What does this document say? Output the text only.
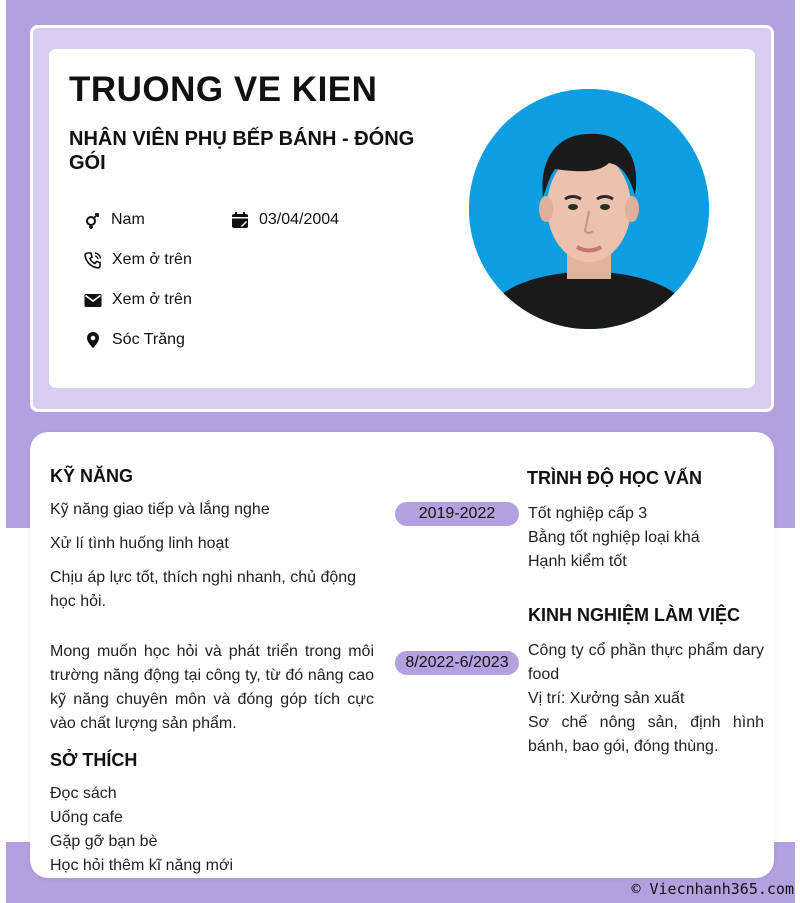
TRUONG VE KIEN
NHÂN VIÊN PHỤ BẾP BÁNH - ĐÓNG GÓI
Nam	03/04/2004
Xem ở trên
Xem ở trên
Sóc Trăng
KỸ NĂNG
Kỹ năng giao tiếp và lắng nghe
Xử lí tình huống linh hoạt
Chịu áp lực tốt, thích nghi nhanh, chủ động học hỏi.
Mong muốn học hỏi và phát triển trong môi trường năng động tại công ty, từ đó nâng cao kỹ năng chuyên môn và đóng góp tích cực vào chất lượng sản phẩm.
SỞ THÍCH
Đọc sách
Uống cafe
Gặp gỡ bạn bè
Học hỏi thêm kĩ năng mới
2019-2022
TRÌNH ĐỘ HỌC VẤN
Tốt nghiệp cấp 3
Bằng tốt nghiệp loại khá
Hạnh kiểm tốt
8/2022-6/2023
KINH NGHIỆM LÀM VIỆC
Công ty cổ phần thực phẩm dary food
Vị trí: Xưởng sản xuất
Sơ chế nông sản, định hình bánh, bao gói, đóng thùng.
© Viecnhanh365.com
